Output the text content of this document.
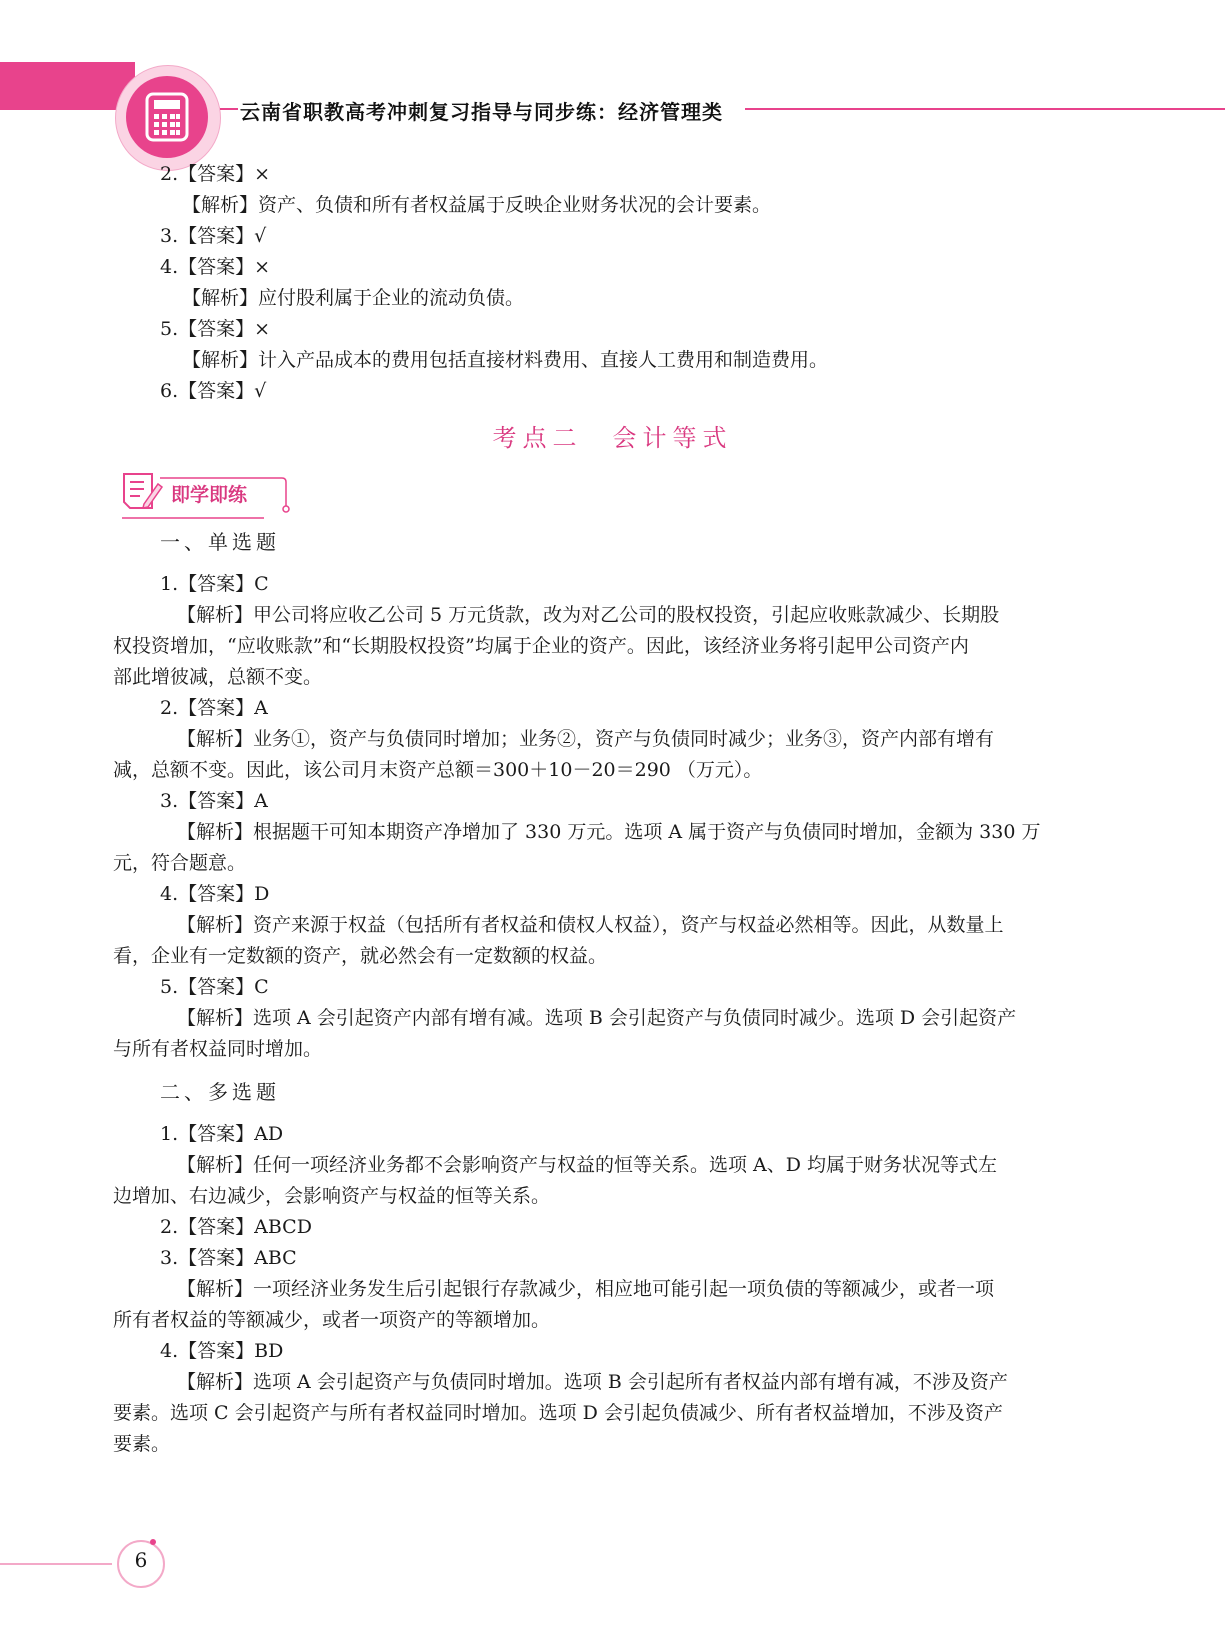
云南省职教高考冲刺复习指导与同步练：经济管理类
2.【答案】×
【解析】资产、负债和所有者权益属于反映企业财务状况的会计要素。
3.【答案】√
4.【答案】×
【解析】应付股利属于企业的流动负债。
5.【答案】×
【解析】计入产品成本的费用包括直接材料费用、直接人工费用和制造费用。
6.【答案】√
考点二　会计等式
即学即练
一、单选题
1.【答案】C
【解析】甲公司将应收乙公司 5 万元货款，改为对乙公司的股权投资，引起应收账款减少、长期股
权投资增加，“应收账款”和“长期股权投资”均属于企业的资产。因此，该经济业务将引起甲公司资产内
部此增彼减，总额不变。
2.【答案】A
【解析】业务①，资产与负债同时增加；业务②，资产与负债同时减少；业务③，资产内部有增有
减，总额不变。因此，该公司月末资产总额＝300＋10－20＝290 （万元）。
3.【答案】A
【解析】根据题干可知本期资产净增加了 330 万元。选项 A 属于资产与负债同时增加，金额为 330 万
元，符合题意。
4.【答案】D
【解析】资产来源于权益（包括所有者权益和债权人权益），资产与权益必然相等。因此，从数量上
看，企业有一定数额的资产，就必然会有一定数额的权益。
5.【答案】C
【解析】选项 A 会引起资产内部有增有减。选项 B 会引起资产与负债同时减少。选项 D 会引起资产
与所有者权益同时增加。
二、多选题
1.【答案】AD
【解析】任何一项经济业务都不会影响资产与权益的恒等关系。选项 A、D 均属于财务状况等式左
边增加、右边减少，会影响资产与权益的恒等关系。
2.【答案】ABCD
3.【答案】ABC
【解析】一项经济业务发生后引起银行存款减少，相应地可能引起一项负债的等额减少，或者一项
所有者权益的等额减少，或者一项资产的等额增加。
4.【答案】BD
【解析】选项 A 会引起资产与负债同时增加。选项 B 会引起所有者权益内部有增有减，不涉及资产
要素。选项 C 会引起资产与所有者权益同时增加。选项 D 会引起负债减少、所有者权益增加，不涉及资产
要素。
6
